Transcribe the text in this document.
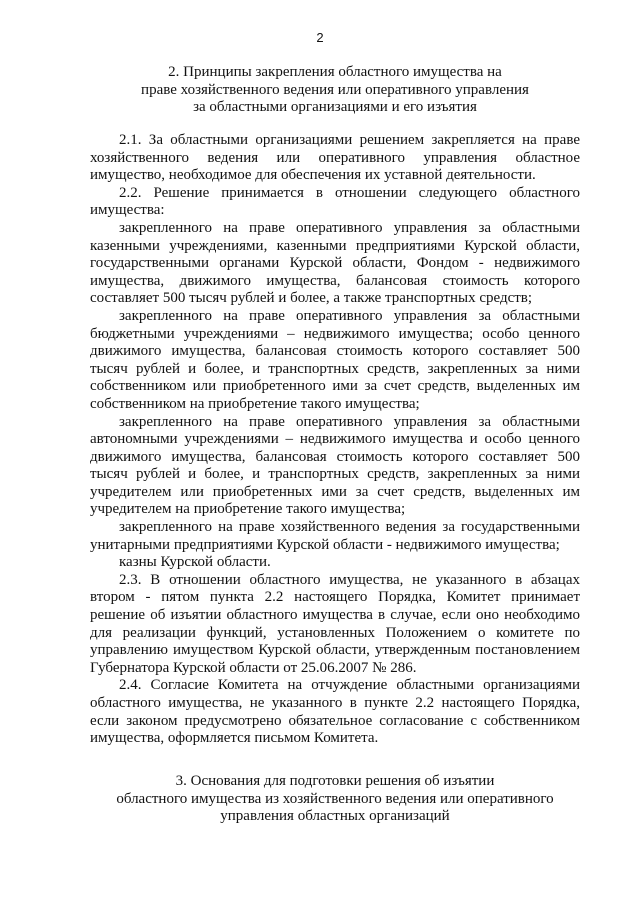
2
2. Принципы закрепления областного имущества на
праве хозяйственного ведения или оперативного управления
за областными организациями и его изъятия

2.1. За областными организациями решением закрепляется на праве хозяйственного ведения или оперативного управления областное имущество, необходимое для обеспечения их уставной деятельности.

2.2. Решение принимается в отношении следующего областного имущества:

закрепленного на праве оперативного управления за областными казенными учреждениями, казенными предприятиями Курской области, государственными органами Курской области, Фондом - недвижимого имущества, движимого имущества, балансовая стоимость которого составляет 500 тысяч рублей и более, а также транспортных средств;

закрепленного на праве оперативного управления за областными бюджетными учреждениями – недвижимого имущества; особо ценного движимого имущества, балансовая стоимость которого составляет 500 тысяч рублей и более, и транспортных средств, закрепленных за ними собственником или приобретенного ими за счет средств, выделенных им собственником на приобретение такого имущества;

закрепленного на праве оперативного управления за областными автономными учреждениями – недвижимого имущества и особо ценного движимого имущества, балансовая стоимость которого составляет 500 тысяч рублей и более, и транспортных средств, закрепленных за ними учредителем или приобретенных ими за счет средств, выделенных им учредителем на приобретение такого имущества;

закрепленного на праве хозяйственного ведения за государственными унитарными предприятиями Курской области - недвижимого имущества;

казны Курской области.

2.3. В отношении областного имущества, не указанного в абзацах втором - пятом пункта 2.2 настоящего Порядка, Комитет принимает решение об изъятии областного имущества в случае, если оно необходимо для реализации функций, установленных Положением о комитете по управлению имуществом Курской области, утвержденным постановлением Губернатора Курской области от 25.06.2007 № 286.

2.4. Согласие Комитета на отчуждение областными организациями областного имущества, не указанного в пункте 2.2 настоящего Порядка, если законом предусмотрено обязательное согласование с собственником имущества, оформляется письмом Комитета.

3. Основания для подготовки решения об изъятии
областного имущества из хозяйственного ведения или оперативного
управления областных организаций
